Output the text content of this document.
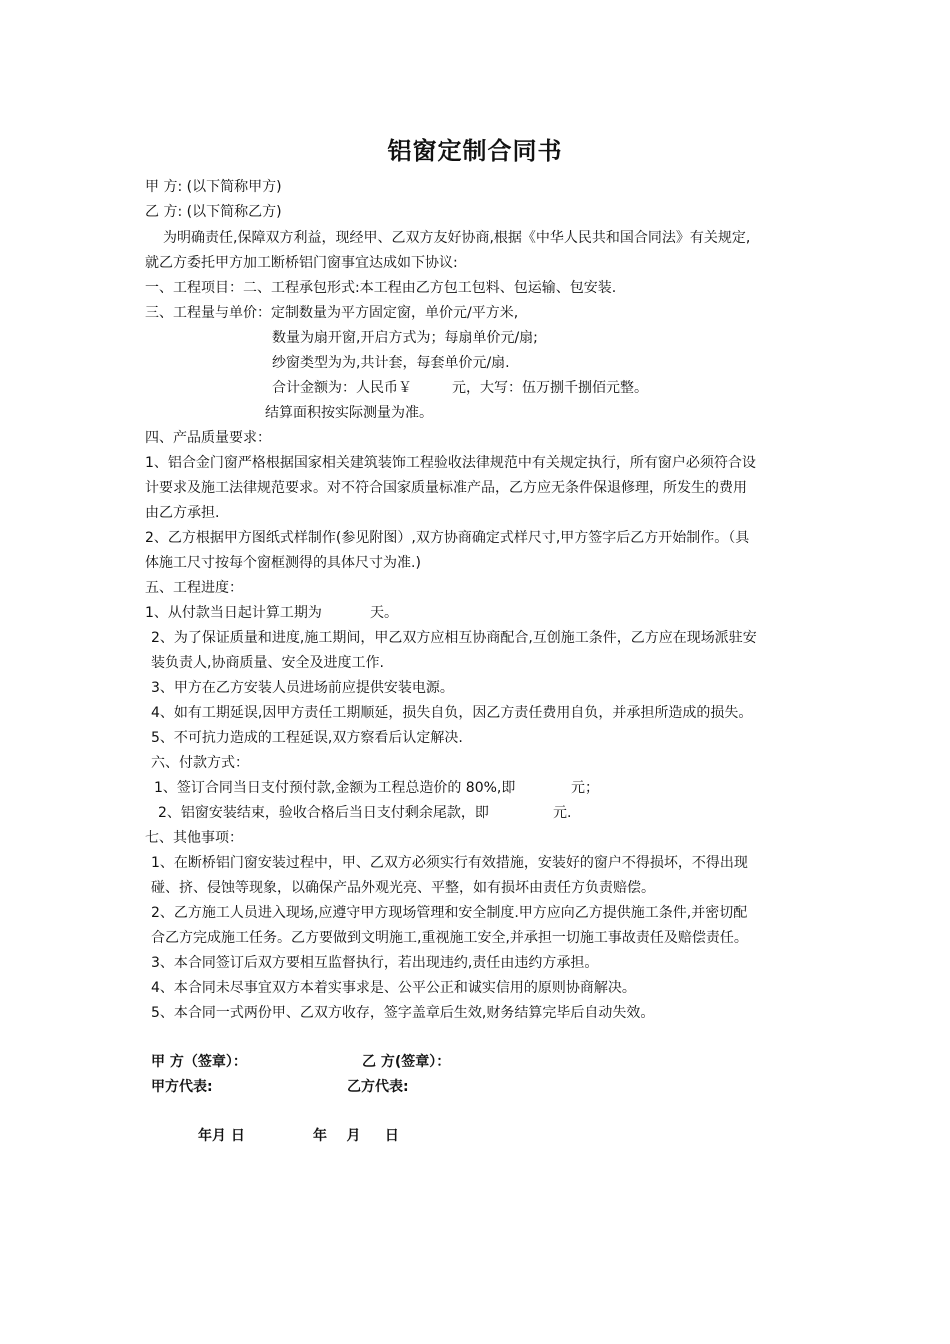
铝窗定制合同书
甲 方: (以下简称甲方)
乙 方: (以下简称乙方)
为明确责任,保障双方利益，现经甲、乙双方友好协商,根据《中华人民共和国合同法》有关规定,
就乙方委托甲方加工断桥铝门窗事宜达成如下协议:
一、工程项目：二、工程承包形式:本工程由乙方包工包料、包运输、包安装.
三、工程量与单价：定制数量为平方固定窗，单价元/平方米,
数量为扇开窗,开启方式为；每扇单价元/扇;
纱窗类型为为,共计套，每套单价元/扇.
合计金额为：人民币￥	元，大写：伍万捌千捌佰元整。
结算面积按实际测量为准。
四、产品质量要求：
1、铝合金门窗严格根据国家相关建筑装饰工程验收法律规范中有关规定执行，所有窗户必须符合设
计要求及施工法律规范要求。对不符合国家质量标准产品，乙方应无条件保退修理，所发生的费用
由乙方承担.
2、乙方根据甲方图纸式样制作(参见附图）,双方协商确定式样尺寸,甲方签字后乙方开始制作。（具
体施工尺寸按每个窗框测得的具体尺寸为准.)
五、工程进度：
1、从付款当日起计算工期为	天。
2、为了保证质量和进度,施工期间，甲乙双方应相互协商配合,互创施工条件，乙方应在现场派驻安
装负责人,协商质量、安全及进度工作.
3、甲方在乙方安装人员进场前应提供安装电源。
4、如有工期延误,因甲方责任工期顺延，损失自负，因乙方责任费用自负，并承担所造成的损失。
5、不可抗力造成的工程延误,双方察看后认定解决.
六、付款方式：
1、签订合同当日支付预付款,金额为工程总造价的 80%,即	元；
2、铝窗安装结束，验收合格后当日支付剩余尾款，即	元.
七、其他事项：
1、在断桥铝门窗安装过程中，甲、乙双方必须实行有效措施，安装好的窗户不得损坏，不得出现
碰、挤、侵蚀等现象，以确保产品外观光亮、平整，如有损坏由责任方负责赔偿。
2、乙方施工人员进入现场,应遵守甲方现场管理和安全制度.甲方应向乙方提供施工条件,并密切配
合乙方完成施工任务。乙方要做到文明施工,重视施工安全,并承担一切施工事故责任及赔偿责任。
3、本合同签订后双方要相互监督执行，若出现违约,责任由违约方承担。
4、本合同未尽事宜双方本着实事求是、公平公正和诚实信用的原则协商解决。
5、本合同一式两份甲、乙双方收存，签字盖章后生效,财务结算完毕后自动失效。
甲 方（签章）：	乙 方(签章）：
甲方代表:	乙方代表:
年月 日	年    月     日
